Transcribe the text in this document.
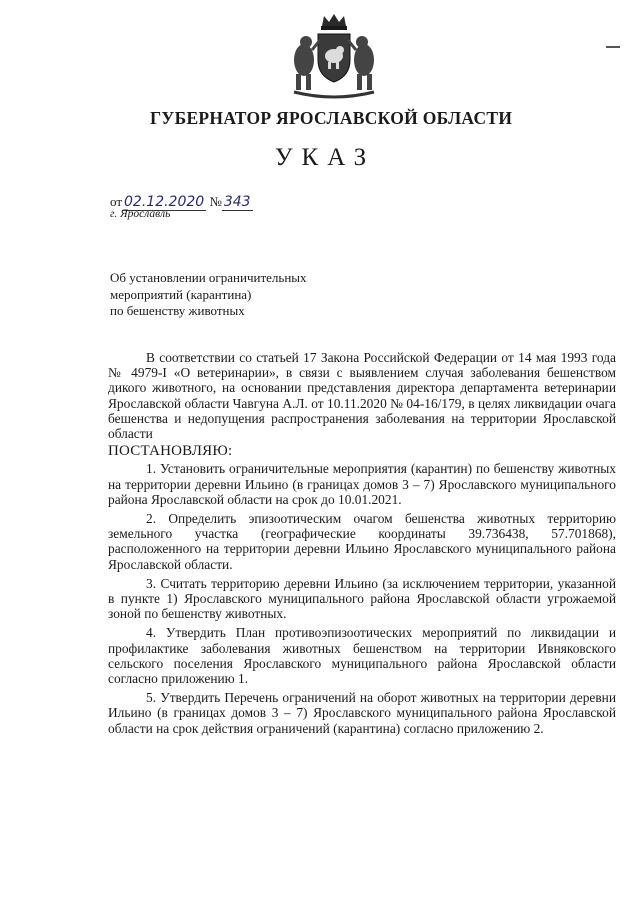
ГУБЕРНАТОР ЯРОСЛАВСКОЙ ОБЛАСТИ
УКАЗ
от 02.12.2020 № 343
г. Ярославль
Об установлении ограничительных
мероприятий (карантина)
по бешенству животных

В соответствии со статьей 17 Закона Российской Федерации от 14 мая 1993 года № 4979-I «О ветеринарии», в связи с выявлением случая заболевания бешенством дикого животного, на основании представления директора департамента ветеринарии Ярославской области Чавгуна А.Л. от 10.11.2020 № 04-16/179, в целях ликвидации очага бешенства и недопущения распространения заболевания на территории Ярославской области

ПОСТАНОВЛЯЮ:

1. Установить ограничительные мероприятия (карантин) по бешенству животных на территории деревни Ильино (в границах домов 3 – 7) Ярославского муниципального района Ярославской области на срок до 10.01.2021.

2. Определить эпизоотическим очагом бешенства животных территорию земельного участка (географические координаты 39.736438, 57.701868), расположенного на территории деревни Ильино Ярославского муниципального района Ярославской области.

3. Считать территорию деревни Ильино (за исключением территории, указанной в пункте 1) Ярославского муниципального района Ярославской области угрожаемой зоной по бешенству животных.

4. Утвердить План противоэпизоотических мероприятий по ликвидации и профилактике заболевания животных бешенством на территории Ивняковского сельского поселения Ярославского муниципального района Ярославской области согласно приложению 1.

5. Утвердить Перечень ограничений на оборот животных на территории деревни Ильино (в границах домов 3 – 7) Ярославского муниципального района Ярославской области на срок действия ограничений (карантина) согласно приложению 2.
